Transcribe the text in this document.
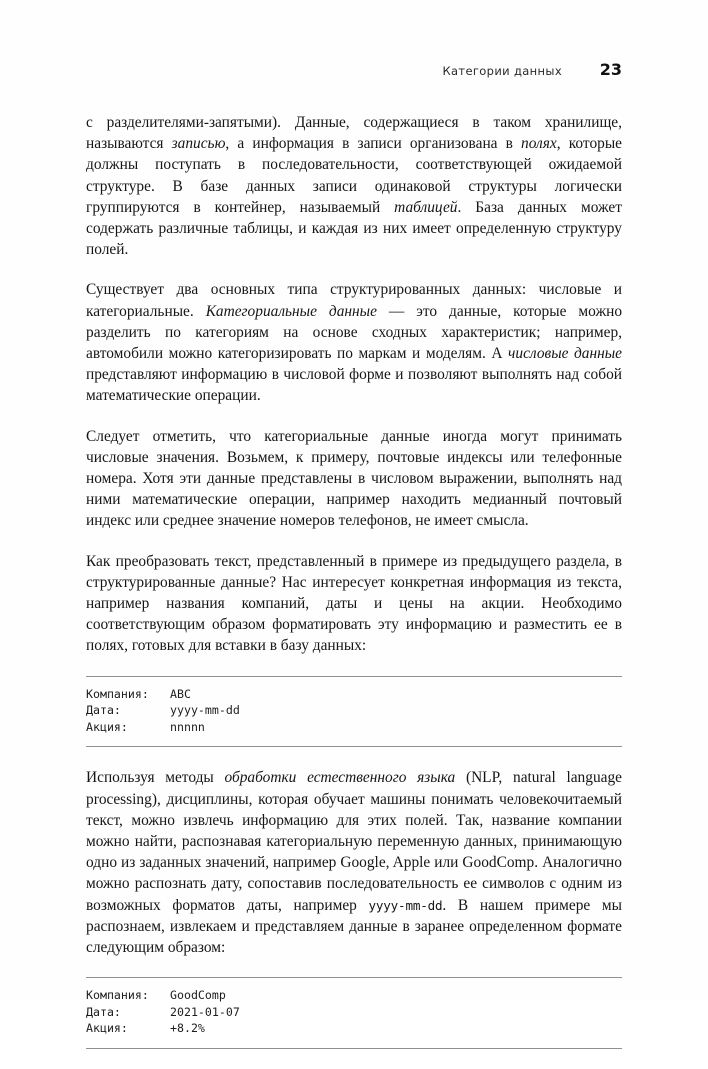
Категории данных 23

с разделителями-запятыми). Данные, содержащиеся в таком хранилище, называются записью, а информация в записи организована в полях, которые должны поступать в последовательности, соответствующей ожидаемой структуре. В базе данных записи одинаковой структуры логически группируются в контейнер, называемый таблицей. База данных может содержать различные таблицы, и каждая из них имеет определенную структуру полей.

Существует два основных типа структурированных данных: числовые и категориальные. Категориальные данные — это данные, которые можно разделить по категориям на основе сходных характеристик; например, автомобили можно категоризировать по маркам и моделям. А числовые данные представляют информацию в числовой форме и позволяют выполнять над собой математические операции.

Следует отметить, что категориальные данные иногда могут принимать числовые значения. Возьмем, к примеру, почтовые индексы или телефонные номера. Хотя эти данные представлены в числовом выражении, выполнять над ними математические операции, например находить медианный почтовый индекс или среднее значение номеров телефонов, не имеет смысла.

Как преобразовать текст, представленный в примере из предыдущего раздела, в структурированные данные? Нас интересует конкретная информация из текста, например названия компаний, даты и цены на акции. Необходимо соответствующим образом форматировать эту информацию и разместить ее в полях, готовых для вставки в базу данных:

Компания:	ABC
Дата:	yyyy-mm-dd
Акция:	nnnnn

Используя методы обработки естественного языка (NLP, natural language processing), дисциплины, которая обучает машины понимать человекочитаемый текст, можно извлечь информацию для этих полей. Так, название компании можно найти, распознавая категориальную переменную данных, принимающую одно из заданных значений, например Google, Apple или GoodComp. Аналогично можно распознать дату, сопоставив последовательность ее символов с одним из возможных форматов даты, например yyyy-mm-dd. В нашем примере мы распознаем, извлекаем и представляем данные в заранее определенном формате следующим образом:

Компания:	GoodComp
Дата:	2021-01-07
Акция:	+8.2%
